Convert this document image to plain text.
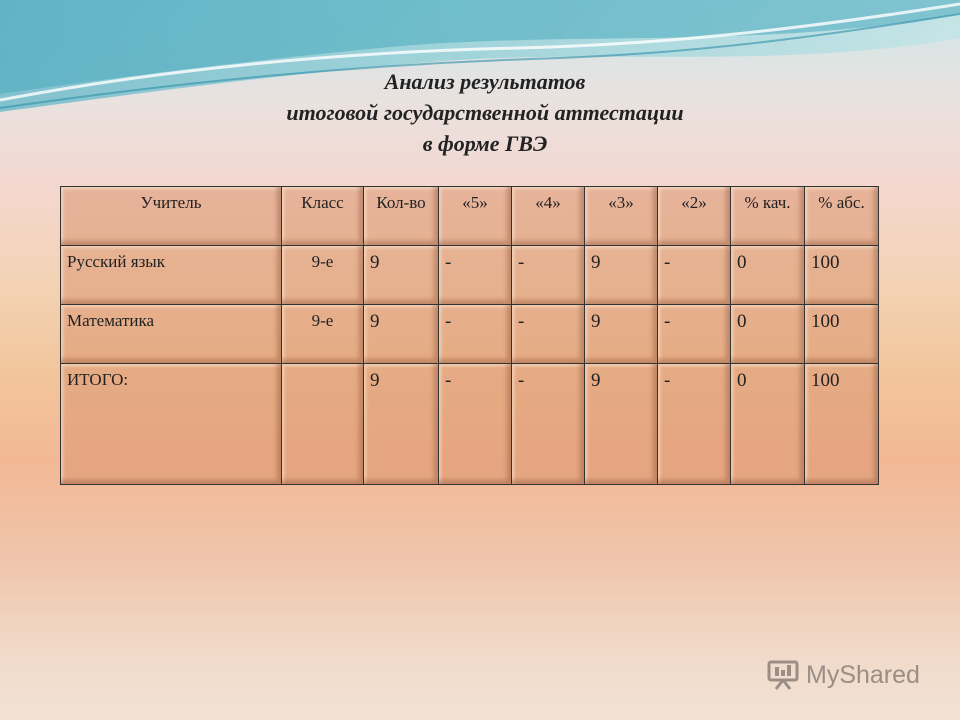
Анализ результатов
итоговой государственной аттестации
в форме ГВЭ
Учитель	Класс	Кол-во	«5»	«4»	«3»	«2»	% кач.	% абс.
Русский язык	9-е	9	-	-	9	-	0	100
Математика	9-е	9	-	-	9	-	0	100
ИТОГО:		9	-	-	9	-	0	100
MyShared
